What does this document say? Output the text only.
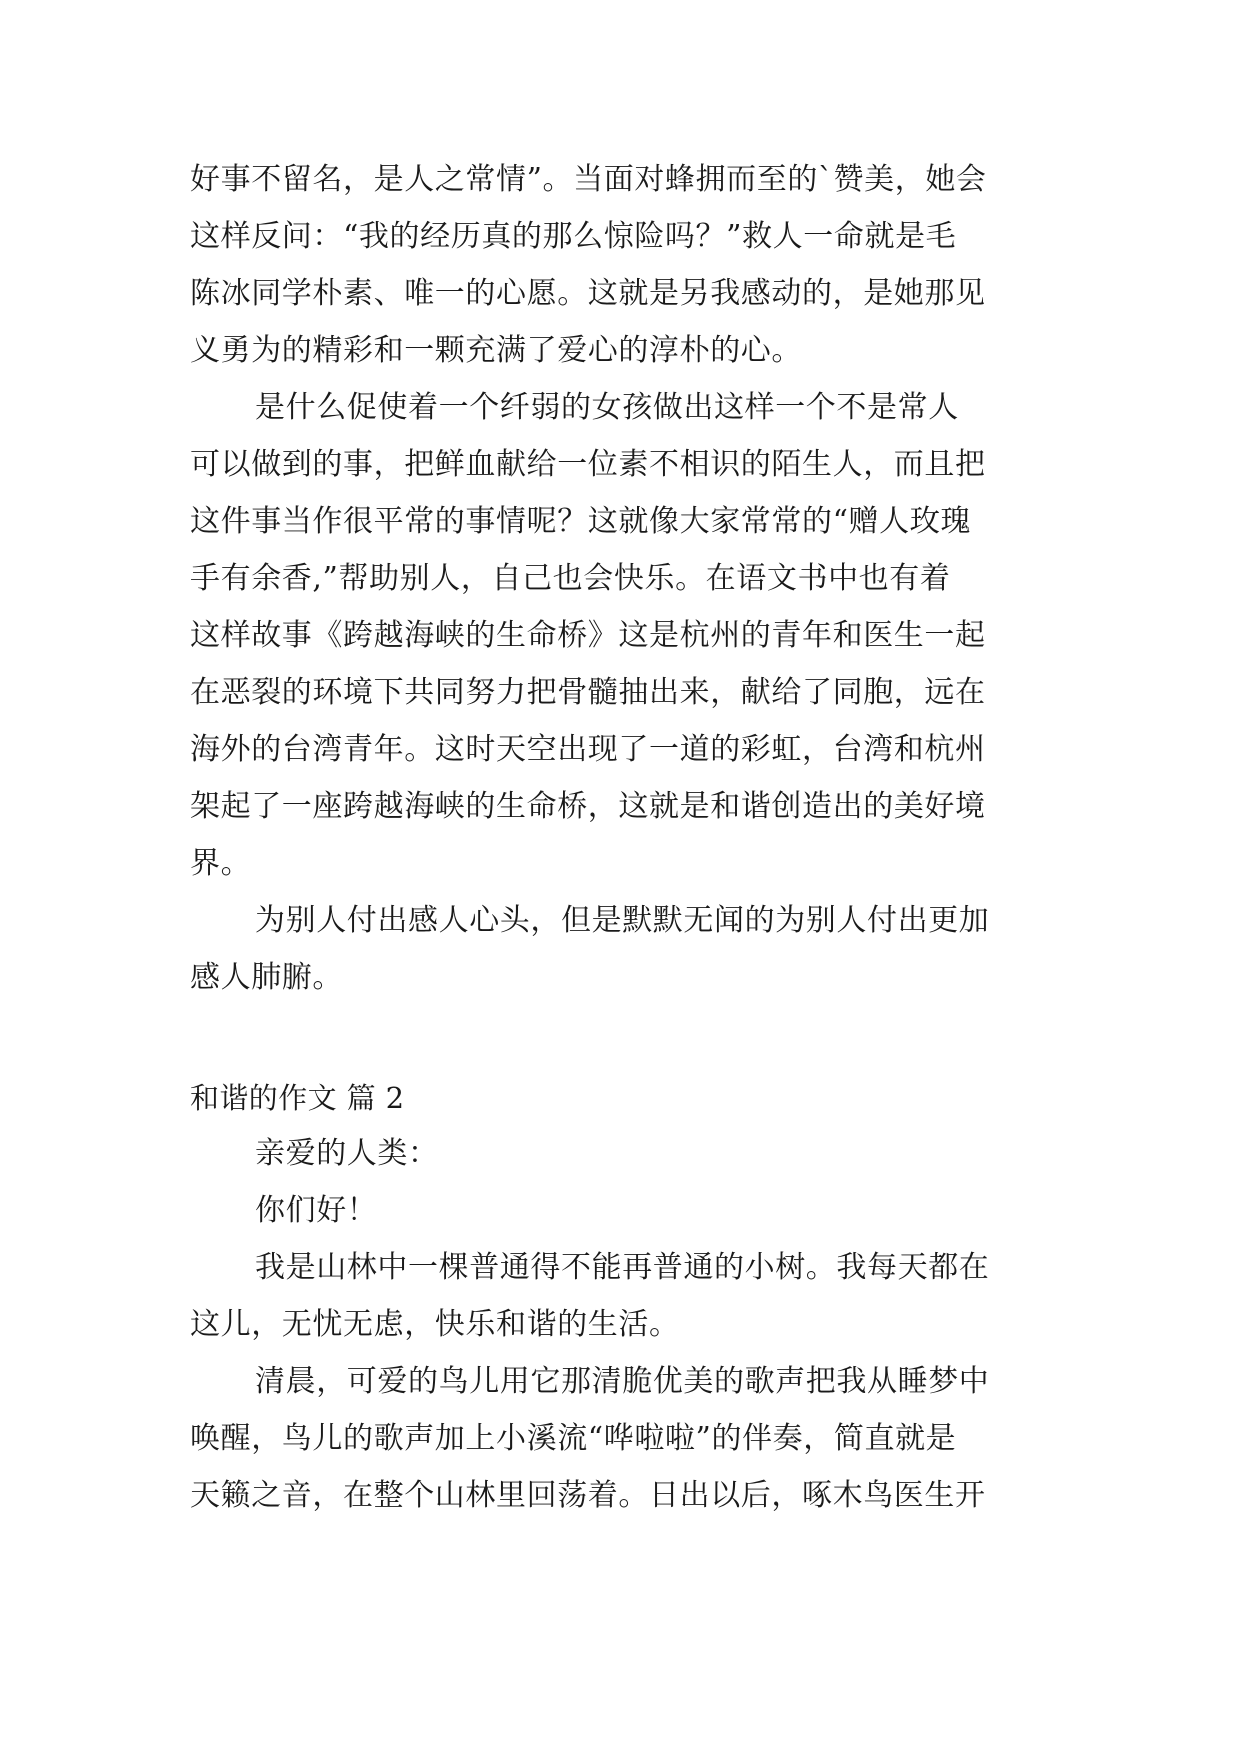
好事不留名，是人之常情”。当面对蜂拥而至的`赞美，她会
这样反问：“我的经历真的那么惊险吗？”救人一命就是毛
陈冰同学朴素、唯一的心愿。这就是另我感动的，是她那见
义勇为的精彩和一颗充满了爱心的淳朴的心。
是什么促使着一个纤弱的女孩做出这样一个不是常人
可以做到的事，把鲜血献给一位素不相识的陌生人，而且把
这件事当作很平常的事情呢？这就像大家常常的“赠人玫瑰
手有余香,”帮助别人，自己也会快乐。在语文书中也有着
这样故事《跨越海峡的生命桥》这是杭州的青年和医生一起
在恶裂的环境下共同努力把骨髓抽出来，献给了同胞，远在
海外的台湾青年。这时天空出现了一道的彩虹，台湾和杭州
架起了一座跨越海峡的生命桥，这就是和谐创造出的美好境
界。
为别人付出感人心头，但是默默无闻的为别人付出更加
感人肺腑。
和谐的作文 篇 2
亲爱的人类：
你们好！
我是山林中一棵普通得不能再普通的小树。我每天都在
这儿，无忧无虑，快乐和谐的生活。
清晨，可爱的鸟儿用它那清脆优美的歌声把我从睡梦中
唤醒，鸟儿的歌声加上小溪流“哗啦啦”的伴奏，简直就是
天籁之音，在整个山林里回荡着。日出以后，啄木鸟医生开
